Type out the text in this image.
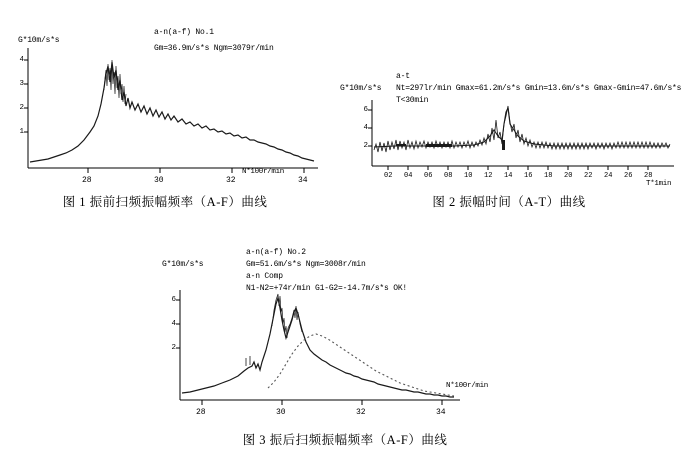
G*10m/s*s
a-n(a-f) No.1
Gm=36.9m/s*s Ngm=3079r/min
N*100r/min
4
3
2
1
28	30	32	34
图 1 振前扫频振幅频率（A-F）曲线
G*10m/s*s
a-t
Nt=297lr/min Gmax=61.2m/s*s Gmin=13.6m/s*s Gmax-Gmin=47.6m/s*s
T<30min
T*1min
6
4
2
02 04 06 08 10 12 14 16 18 20 22 24 26 28
图 2 振幅时间（A-T）曲线
G*10m/s*s
a-n(a-f) No.2
Gm=51.6m/s*s Ngm=3008r/min
a-n Comp
N1-N2=+74r/min G1-G2=-14.7m/s*s OK!
N*100r/min
6
4
2
28	30	32	34
图 3 振后扫频振幅频率（A-F）曲线
